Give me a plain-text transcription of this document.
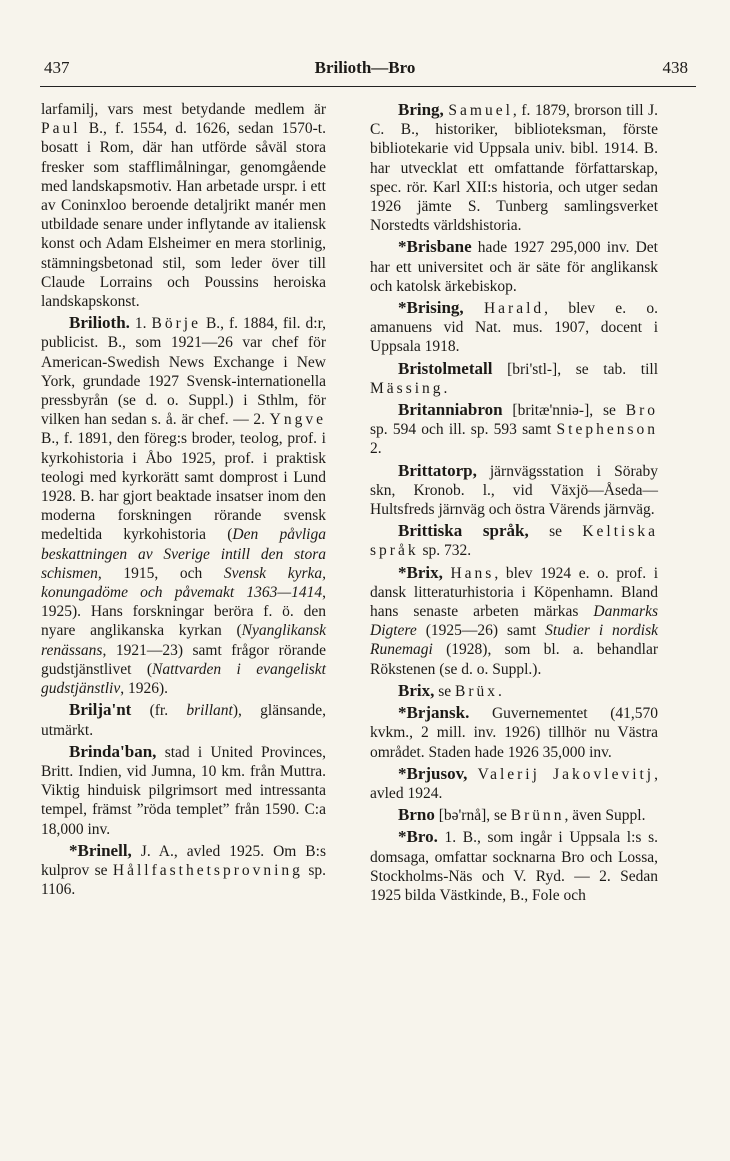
437	Brilioth—Bro	438

larfamilj, vars mest betydande medlem är Paul B., f. 1554, d. 1626, sedan 1570-t. bosatt i Rom, där han utförde såväl stora fresker som stafflimålningar, genomgående med landskapsmotiv. Han arbetade urspr. i ett av Coninxloo beroende detaljrikt manér men utbildade senare under inflytande av italiensk konst och Adam Elsheimer en mera storlinig, stämningsbetonad stil, som leder över till Claude Lorrains och Poussins heroiska landskapskonst.

Brilioth. 1. Börje B., f. 1884, fil. d:r, publicist. B., som 1921—26 var chef för American-Swedish News Exchange i New York, grundade 1927 Svensk-internationella pressbyrån (se d. o. Suppl.) i Sthlm, för vilken han sedan s. å. är chef. — 2. Yngve B., f. 1891, den föreg:s broder, teolog, prof. i kyrkohistoria i Åbo 1925, prof. i praktisk teologi med kyrkorätt samt domprost i Lund 1928. B. har gjort beaktade insatser inom den moderna forskningen rörande svensk medeltida kyrkohistoria (Den påvliga beskattningen av Sverige intill den stora schismen, 1915, och Svensk kyrka, konungadöme och påvemakt 1363—1414, 1925). Hans forskningar beröra f. ö. den nyare anglikanska kyrkan (Nyanglikansk renässans, 1921—23) samt frågor rörande gudstjänstlivet (Nattvarden i evangeliskt gudstjänstliv, 1926).

Brilja'nt (fr. brillant), glänsande, utmärkt.

Brinda'ban, stad i United Provinces, Britt. Indien, vid Jumna, 10 km. från Muttra. Viktig hinduisk pilgrimsort med intressanta tempel, främst ”röda templet” från 1590. C:a 18,000 inv.

*Brinell, J. A., avled 1925. Om B:s kulprov se Hållfasthetsprovning sp. 1106.

Bring, Samuel, f. 1879, brorson till J. C. B., historiker, biblioteksman, förste bibliotekarie vid Uppsala univ. bibl. 1914. B. har utvecklat ett omfattande författarskap, spec. rör. Karl XII:s historia, och utger sedan 1926 jämte S. Tunberg samlingsverket Norstedts världshistoria.

*Brisbane hade 1927 295,000 inv. Det har ett universitet och är säte för anglikansk och katolsk ärkebiskop.

*Brising, Harald, blev e. o. amanuens vid Nat. mus. 1907, docent i Uppsala 1918.

Bristolmetall [bri'stl-], se tab. till Mässing.

Britanniabron [britæ'nniə-], se Bro sp. 594 och ill. sp. 593 samt Stephenson 2.

Brittatorp, järnvägsstation i Söraby skn, Kronob. l., vid Växjö—Åseda—Hultsfreds järnväg och östra Värends järnväg.

Brittiska språk, se Keltiska språk sp. 732.

*Brix, Hans, blev 1924 e. o. prof. i dansk litteraturhistoria i Köpenhamn. Bland hans senaste arbeten märkas Danmarks Digtere (1925—26) samt Studier i nordisk Runemagi (1928), som bl. a. behandlar Rökstenen (se d. o. Suppl.).

Brix, se Brüx.

*Brjansk. Guvernementet (41,570 kvkm., 2 mill. inv. 1926) tillhör nu Västra området. Staden hade 1926 35,000 inv.

*Brjusov, Valerij Jakovlevitj, avled 1924.

Brno [bə'rnå], se Brünn, även Suppl.

*Bro. 1. B., som ingår i Uppsala l:s s. domsaga, omfattar socknarna Bro och Lossa, Stockholms-Näs och V. Ryd. — 2. Sedan 1925 bilda Västkinde, B., Fole och
